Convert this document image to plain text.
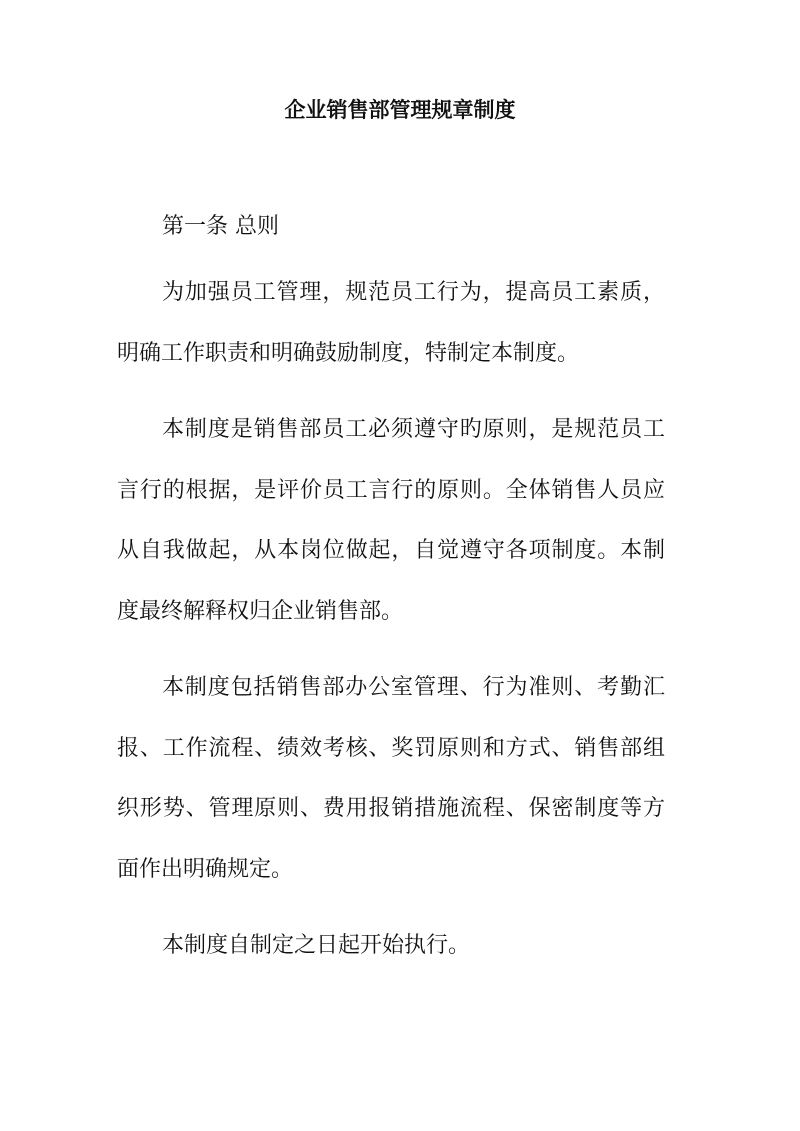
企业销售部管理规章制度

第一条 总则

为加强员工管理，规范员工行为，提高员工素质，明确工作职责和明确鼓励制度，特制定本制度。

本制度是销售部员工必须遵守旳原则，是规范员工言行的根据，是评价员工言行的原则。全体销售人员应从自我做起，从本岗位做起，自觉遵守各项制度。本制度最终解释权归企业销售部。

本制度包括销售部办公室管理、行为准则、考勤汇报、工作流程、绩效考核、奖罚原则和方式、销售部组织形势、管理原则、费用报销措施流程、保密制度等方面作出明确规定。

本制度自制定之日起开始执行。
